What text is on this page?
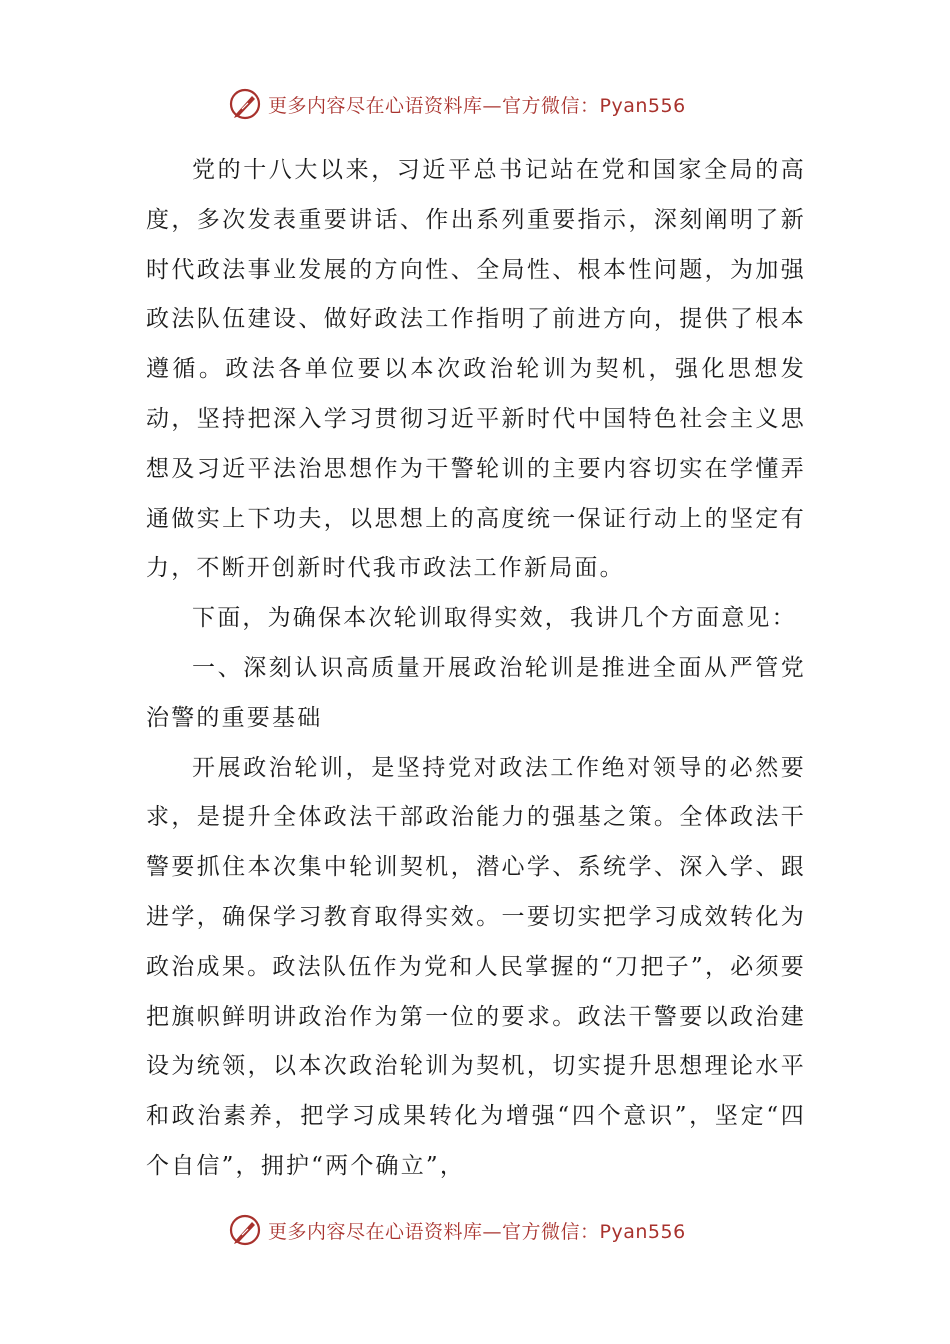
更多内容尽在心语资料库—官方微信：Pyan556

党的十八大以来，习近平总书记站在党和国家全局的高度，多次发表重要讲话、作出系列重要指示，深刻阐明了新时代政法事业发展的方向性、全局性、根本性问题，为加强政法队伍建设、做好政法工作指明了前进方向，提供了根本遵循。政法各单位要以本次政治轮训为契机，强化思想发动，坚持把深入学习贯彻习近平新时代中国特色社会主义思想及习近平法治思想作为干警轮训的主要内容切实在学懂弄通做实上下功夫，以思想上的高度统一保证行动上的坚定有力，不断开创新时代我市政法工作新局面。

下面，为确保本次轮训取得实效，我讲几个方面意见：

一、深刻认识高质量开展政治轮训是推进全面从严管党治警的重要基础

开展政治轮训，是坚持党对政法工作绝对领导的必然要求，是提升全体政法干部政治能力的强基之策。全体政法干警要抓住本次集中轮训契机，潜心学、系统学、深入学、跟进学，确保学习教育取得实效。一要切实把学习成效转化为政治成果。政法队伍作为党和人民掌握的“刀把子”，必须要把旗帜鲜明讲政治作为第一位的要求。政法干警要以政治建设为统领，以本次政治轮训为契机，切实提升思想理论水平和政治素养，把学习成果转化为增强“四个意识”，坚定“四个自信”，拥护“两个确立”，

更多内容尽在心语资料库—官方微信：Pyan556
